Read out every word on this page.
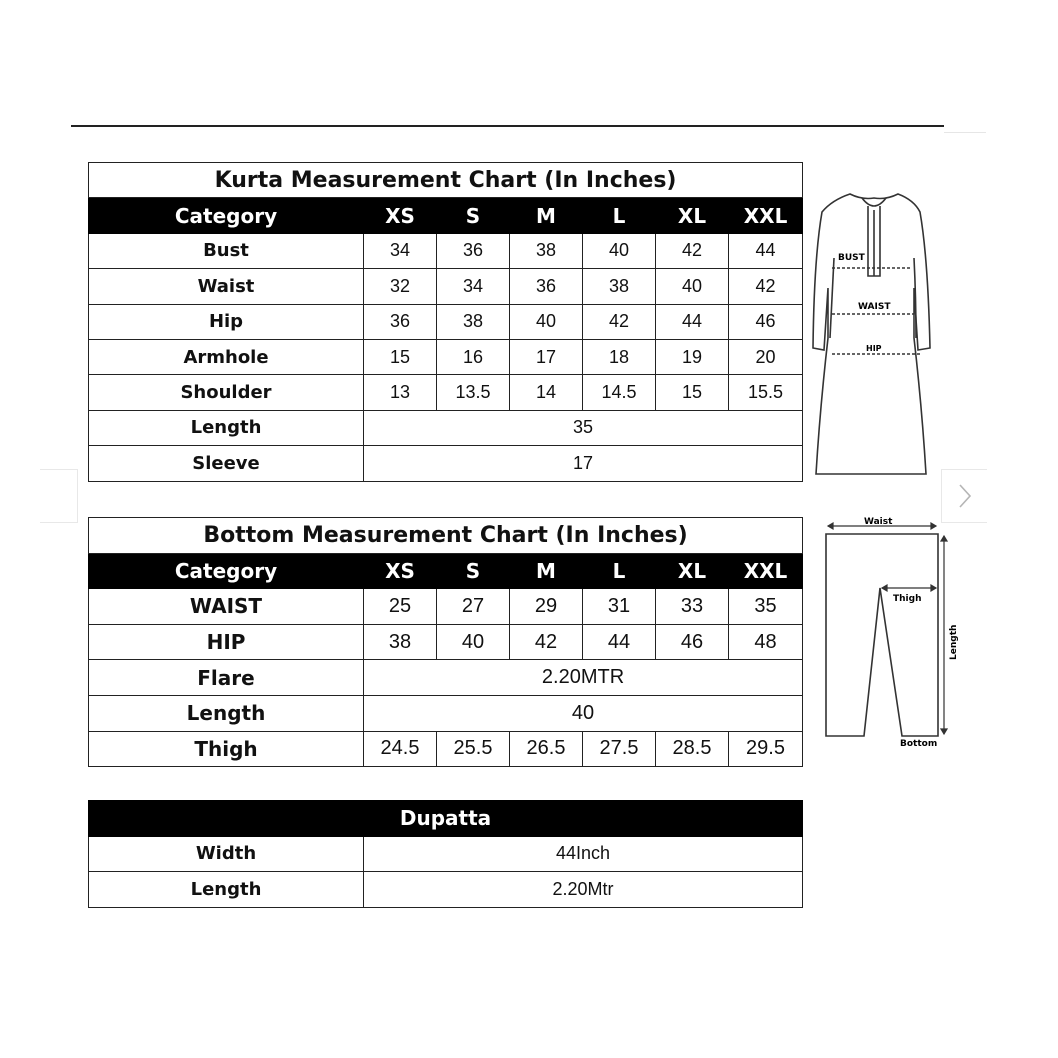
Kurta Measurement Chart (In Inches)						
Category	XS	S	M	L	XL	XXL
Bust	34	36	38	40	42	44
Waist	32	34	36	38	40	42
Hip	36	38	40	42	44	46
Armhole	15	16	17	18	19	20
Shoulder	13	13.5	14	14.5	15	15.5
Length	35					
Sleeve	17					
BUST
WAIST
HIP
Bottom Measurement Chart (In Inches)						
Category	XS	S	M	L	XL	XXL
WAIST	25	27	29	31	33	35
HIP	38	40	42	44	46	48
Flare	2.20MTR					
Length	40					
Thigh	24.5	25.5	26.5	27.5	28.5	29.5
Waist
Thigh
Length
Bottom
Dupatta	
Width	44Inch
Length	2.20Mtr
